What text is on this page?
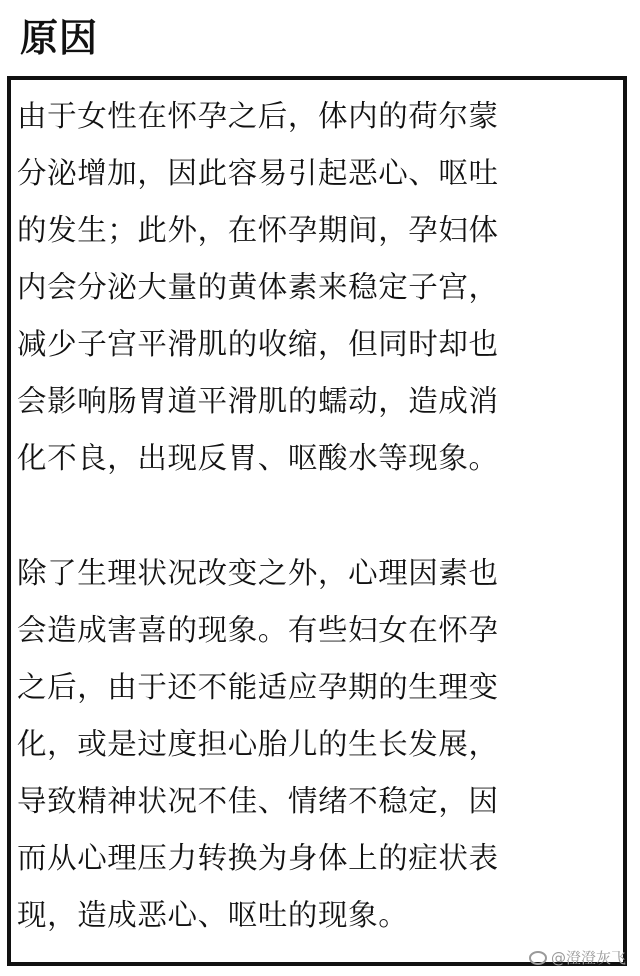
原因

由于女性在怀孕之后，体内的荷尔蒙
分泌增加，因此容易引起恶心、呕吐
的发生；此外，在怀孕期间，孕妇体
内会分泌大量的黄体素来稳定子宫，
减少子宫平滑肌的收缩，但同时却也
会影响肠胃道平滑肌的蠕动，造成消
化不良，出现反胃、呕酸水等现象。

除了生理状况改变之外，心理因素也
会造成害喜的现象。有些妇女在怀孕
之后，由于还不能适应孕期的生理变
化，或是过度担心胎儿的生长发展，
导致精神状况不佳、情绪不稳定，因
而从心理压力转换为身体上的症状表
现，造成恶心、呕吐的现象。

@澄澄灰飞
